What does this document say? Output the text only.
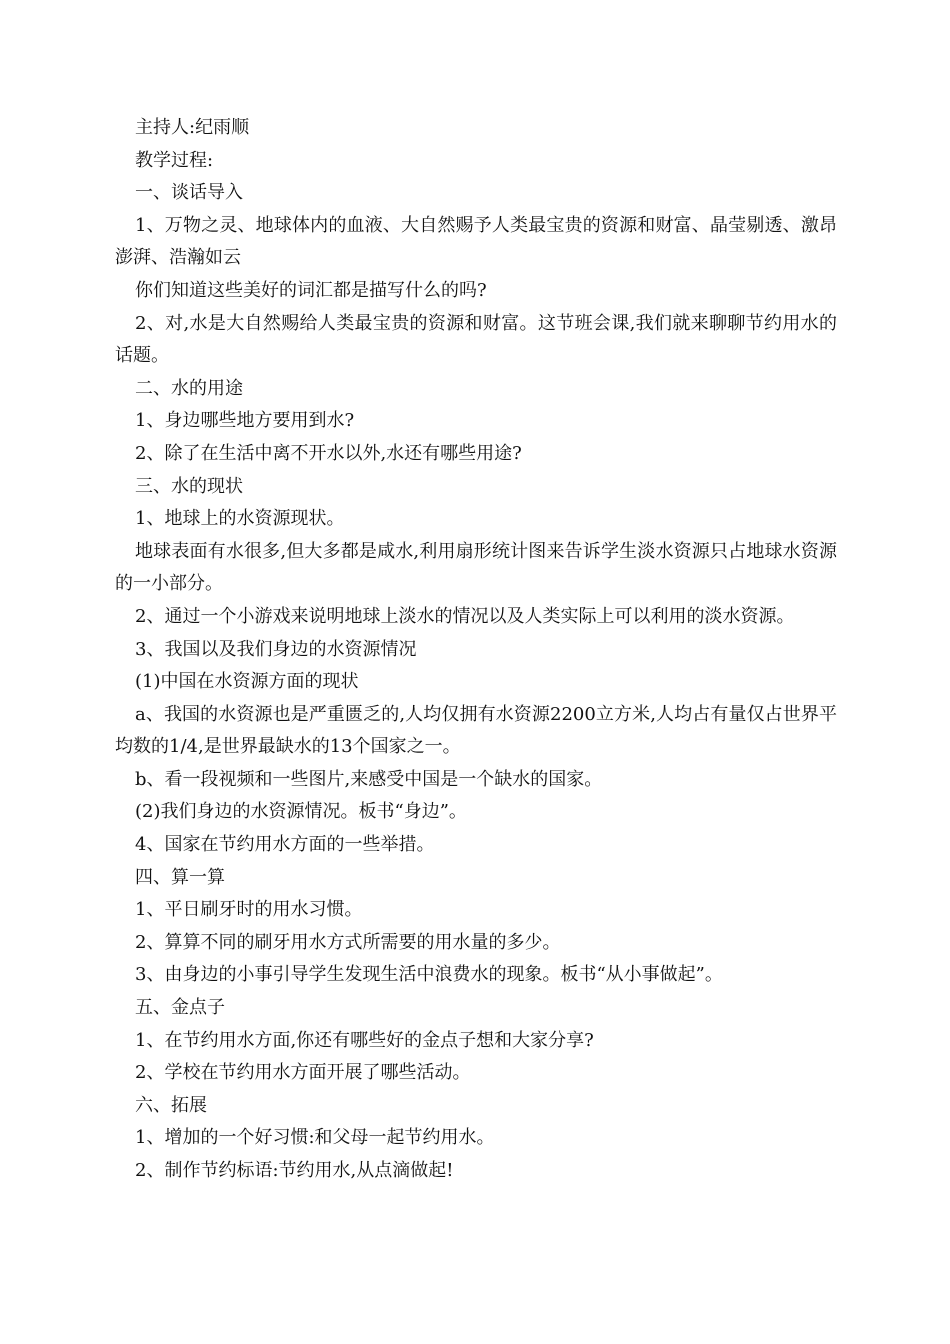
主持人:纪雨顺

教学过程:

一、谈话导入

1、万物之灵、地球体内的血液、大自然赐予人类最宝贵的资源和财富、晶莹剔透、激昂澎湃、浩瀚如云

你们知道这些美好的词汇都是描写什么的吗?

2、对,水是大自然赐给人类最宝贵的资源和财富。这节班会课,我们就来聊聊节约用水的话题。

二、水的用途

1、身边哪些地方要用到水?

2、除了在生活中离不开水以外,水还有哪些用途?

三、水的现状

1、地球上的水资源现状。

地球表面有水很多,但大多都是咸水,利用扇形统计图来告诉学生淡水资源只占地球水资源的一小部分。

2、通过一个小游戏来说明地球上淡水的情况以及人类实际上可以利用的淡水资源。

3、我国以及我们身边的水资源情况

(1)中国在水资源方面的现状

a、我国的水资源也是严重匮乏的,人均仅拥有水资源2200立方米,人均占有量仅占世界平均数的1/4,是世界最缺水的13个国家之一。

b、看一段视频和一些图片,来感受中国是一个缺水的国家。

(2)我们身边的水资源情况。板书“身边”。

4、国家在节约用水方面的一些举措。

四、算一算

1、平日刷牙时的用水习惯。

2、算算不同的刷牙用水方式所需要的用水量的多少。

3、由身边的小事引导学生发现生活中浪费水的现象。板书“从小事做起”。

五、金点子

1、在节约用水方面,你还有哪些好的金点子想和大家分享?

2、学校在节约用水方面开展了哪些活动。

六、拓展

1、增加的一个好习惯:和父母一起节约用水。

2、制作节约标语:节约用水,从点滴做起!
